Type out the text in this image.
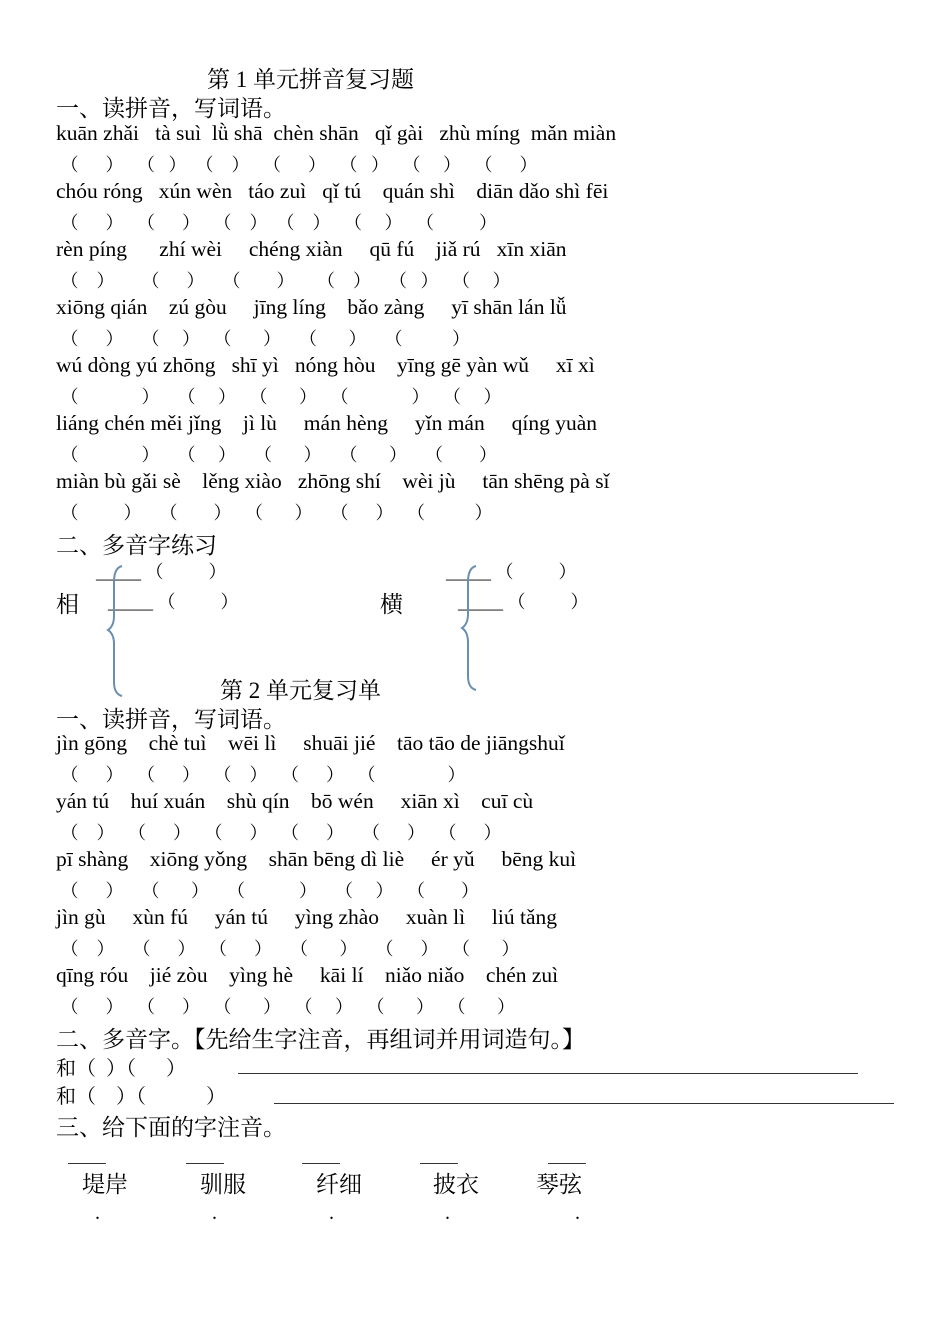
第 1 单元拼音复习题
一、读拼音，写词语。
kuān zhǎi   tà suì  lǜ shā  chèn shān   qǐ gài   zhù míng  mǎn miàn
（      ）   （   ）  （    ）   （      ）   （   ）   （     ）   （      ）
chóu róng   xún wèn   táo zuì   qǐ tú    quán shì    diān dǎo shì fēi
（      ）   （      ）   （    ）  （    ）   （     ）   （          ）
rèn píng      zhí wèi     chéng xiàn     qū fú    jiǎ rú   xīn xiān
（    ）      （      ）    （        ）     （    ）    （   ）   （     ）
xiōng qián    zú gòu     jīng líng    bǎo zàng     yī shān lán lǚ
（      ）    （     ）   （       ）    （       ）    （           ）
wú dòng yú zhōng   shī yì   nóng hòu    yīng gē yàn wǔ     xī xì
（              ）    （     ）   （       ）   （              ）   （     ）
liáng chén měi jǐng    jì lù     mán hèng     yǐn mán     qíng yuàn
（              ）    （     ）    （       ）    （       ）    （        ）
miàn bù gǎi sè    lěng xiào   zhōng shí    wèi jù     tān shēng pà sǐ
（          ）    （        ）   （       ）    （      ）   （           ）
二、多音字练习
_____ （          ）
相 _____ （          ）
_____ （          ）
横	_____ （          ）
第 2 单元复习单
一、读拼音，写词语。
jìn gōng    chè tuì    wēi lì     shuāi jié    tāo tāo de jiāngshuǐ
（      ）   （      ）   （    ）   （      ）   （                ）
yán tú    huí xuán    shù qín    bō wén     xiān xì    cuī cù
（    ）   （      ）   （      ）   （      ）    （      ）   （      ）
pī shàng    xiōng yǒng    shān bēng dì liè     ér yǔ     bēng kuì
（      ）    （       ）    （            ）    （     ）   （        ）
jìn gù     xùn fú     yán tú     yìng zhào     xuàn lì     liú tǎng
（    ）    （      ）   （      ）    （       ）    （      ）   （       ）
qīng róu    jié zòu    yìng hè     kāi lí    niǎo niǎo    chén zuì
（      ）   （      ）   （       ）   （     ）   （       ）   （       ）
二、多音字。【先给生字注音，再组词并用词造句。】
和（  ）（      ）
和（    ）（            ）
三、给下面的字注音。
堤岸	驯服	纤细	披衣 琴弦
.	.	.	.	.
